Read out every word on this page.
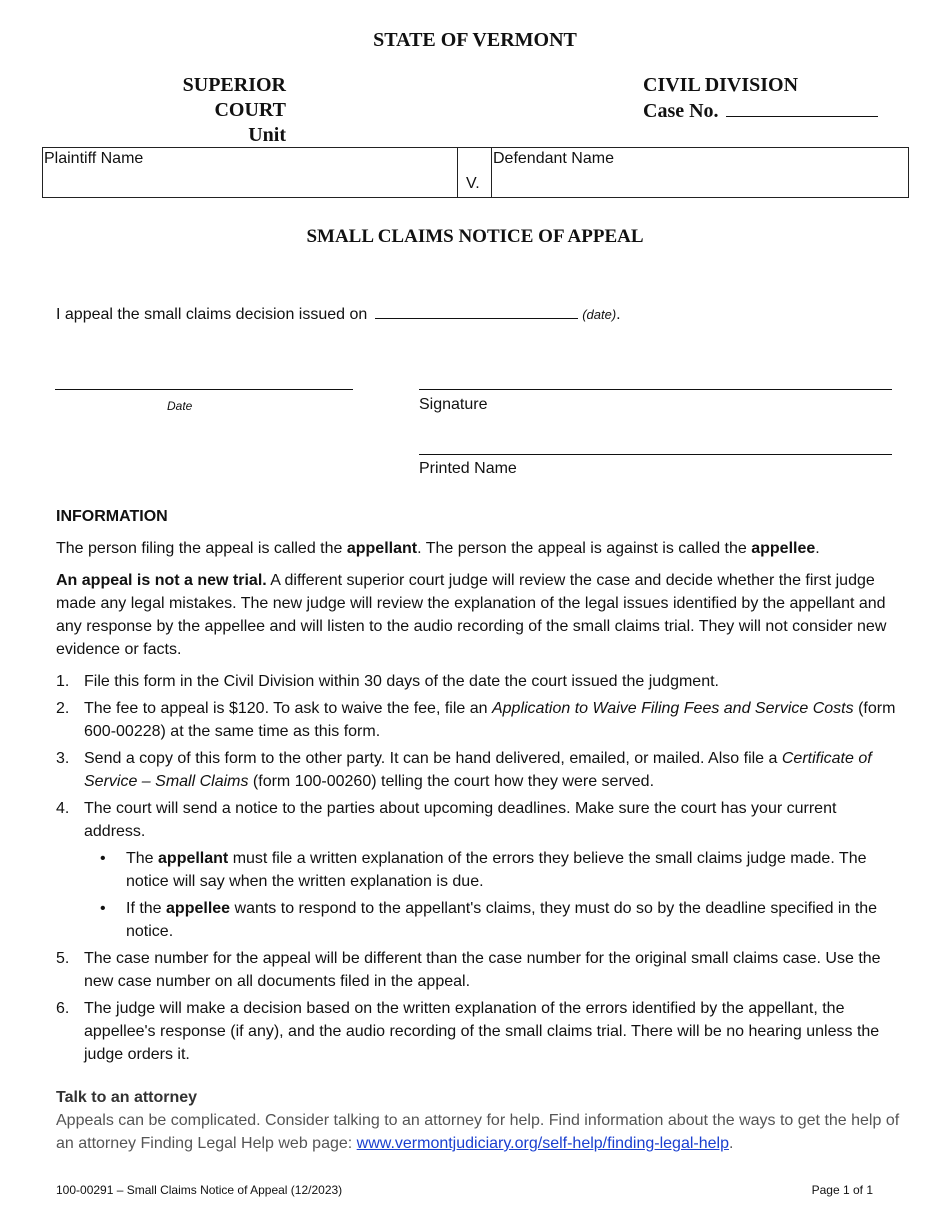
STATE OF VERMONT
SUPERIOR COURT
Unit
CIVIL DIVISION
Case No.
Plaintiff Name
V.
Defendant Name
SMALL CLAIMS NOTICE OF APPEAL
I appeal the small claims decision issued on	(date).
Date	Signature
Printed Name
INFORMATION

The person filing the appeal is called the appellant. The person the appeal is against is called the appellee.

An appeal is not a new trial. A different superior court judge will review the case and decide whether the first judge made any legal mistakes. The new judge will review the explanation of the legal issues identified by the appellant and any response by the appellee and will listen to the audio recording of the small claims trial. They will not consider new evidence or facts.

1. File this form in the Civil Division within 30 days of the date the court issued the judgment.
2. The fee to appeal is $120. To ask to waive the fee, file an Application to Waive Filing Fees and Service Costs (form 600-00228) at the same time as this form.
3. Send a copy of this form to the other party. It can be hand delivered, emailed, or mailed. Also file a Certificate of Service – Small Claims (form 100-00260) telling the court how they were served.
4. The court will send a notice to the parties about upcoming deadlines. Make sure the court has your current address.
• The appellant must file a written explanation of the errors they believe the small claims judge made. The notice will say when the written explanation is due.
• If the appellee wants to respond to the appellant's claims, they must do so by the deadline specified in the notice.
5. The case number for the appeal will be different than the case number for the original small claims case. Use the new case number on all documents filed in the appeal.
6. The judge will make a decision based on the written explanation of the errors identified by the appellant, the appellee's response (if any), and the audio recording of the small claims trial. There will be no hearing unless the judge orders it.
Talk to an attorney
Appeals can be complicated. Consider talking to an attorney for help. Find information about the ways to get the help of an attorney Finding Legal Help web page: www.vermontjudiciary.org/self-help/finding-legal-help.
100-00291 – Small Claims Notice of Appeal (12/2023)	Page 1 of 1
